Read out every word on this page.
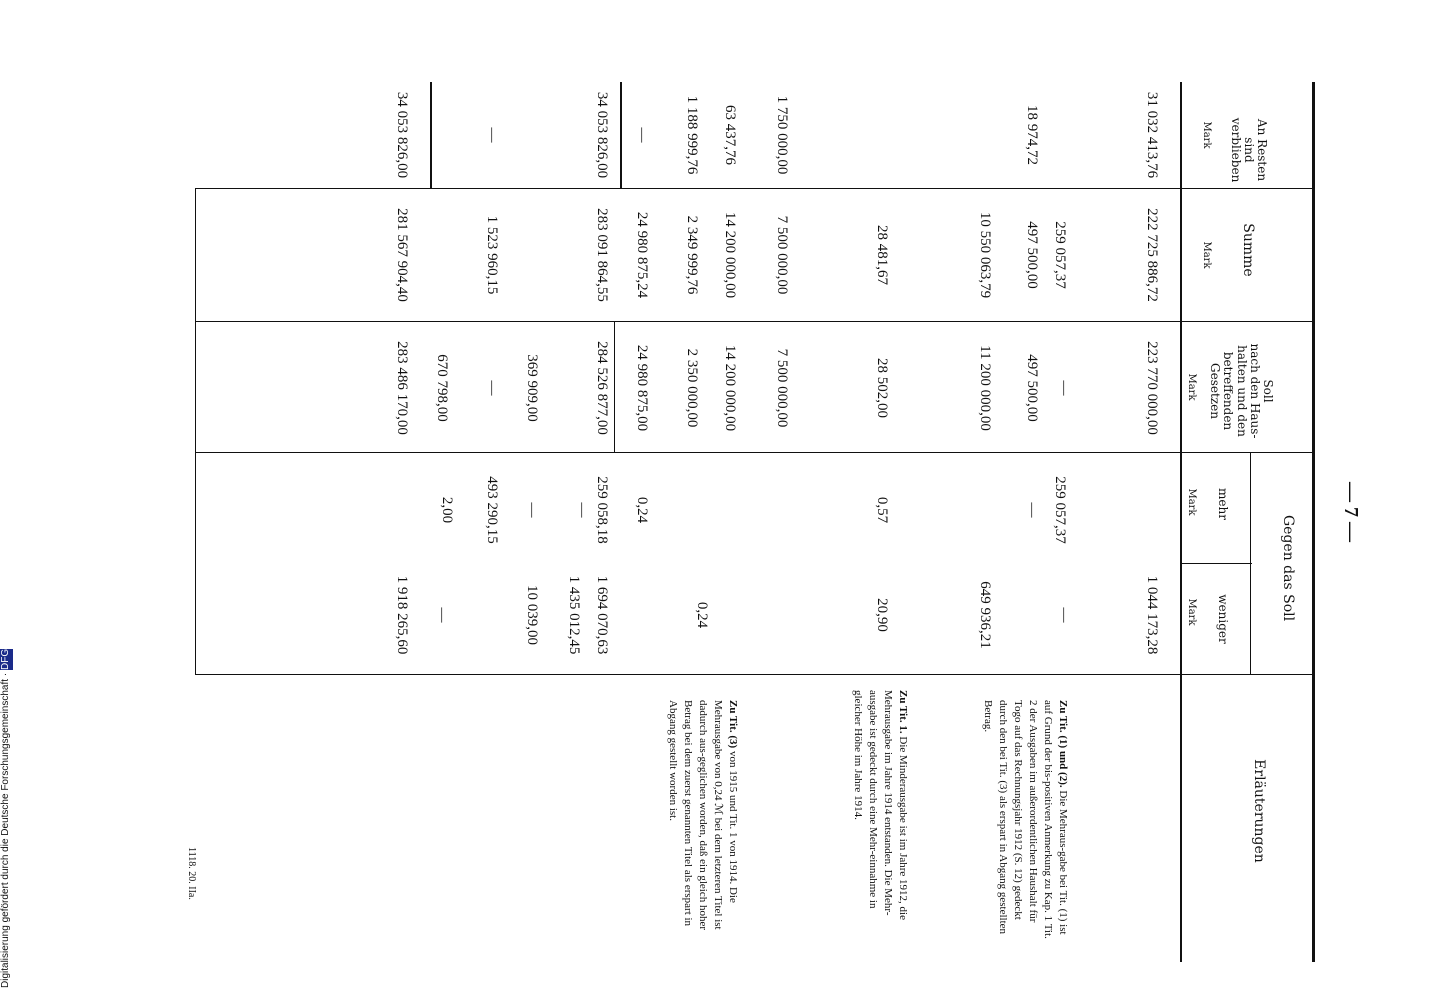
— 7 —
An Resten
sind
verblieben
Summe
Soll
nach den Haus-
halten und den
betreffenden
Gesetzen
Gegen das Soll
mehr
weniger
Erläuterungen
Mark
Mark
Mark
Mark
Mark
31 032 413,76
18 974,72
1 750 000,00
63 437,76
1 188 999,76
—
34 053 826,00
—
34 053 826,00
222 725 886,72
259 057,37
497 500,00
10 550 063,79
28 481,67
7 500 000,00
14 200 000,00
2 349 999,76
24 980 875,24
283 091 864,55
1 523 960,15
281 567 904,40
223 770 000,00
—
497 500,00
11 200 000,00
28 502,00
7 500 000,00
14 200 000,00
2 350 000,00
24 980 875,00
284 526 877,00
369 909,00
—
670 798,00
283 486 170,00
259 057,37
—
0,57
0,24
259 058,18
—
—
493 290,15
2,00
1 044 173,28
—
649 936,21
20,90
0,24
1 694 070,63
1 435 012,45
10 039,00
—
1 918 265,60
Zu Tit. (1) und (2). Die Mehraus-gabe bei Tit. (1) ist auf Grund der bis-positiven Anmerkung zu Kap. 1 Tit. 2 der Ausgaben im außerordentlichen Haushalt für Togo auf das Rechnungsjahr 1912 (S. 12) gedeckt durch den bei Tit. (3) als erspart in Abgang gestellten Betrag.
Zu Tit. 1. Die Minderausgabe ist im Jahre 1912, die Mehrausgabe im Jahre 1914 entstanden. Die Mehr-ausgabe ist gedeckt durch eine Mehr-einnahme in gleicher Höhe im Jahre 1914.
Zu Tit. (3) von 1915 und Tit. 1 von 1914. Die Mehrausgabe von 0,24 ℳ bei dem letzteren Titel ist dadurch aus-geglichen worden, daß ein gleich hoher Betrag bei dem zuerst genannten Titel als erspart in Abgang gestellt worden ist.
1118. 20. IIa.
Digitalisierung gefördert durch die Deutsche Forschungsgemeinschaft · DFG
